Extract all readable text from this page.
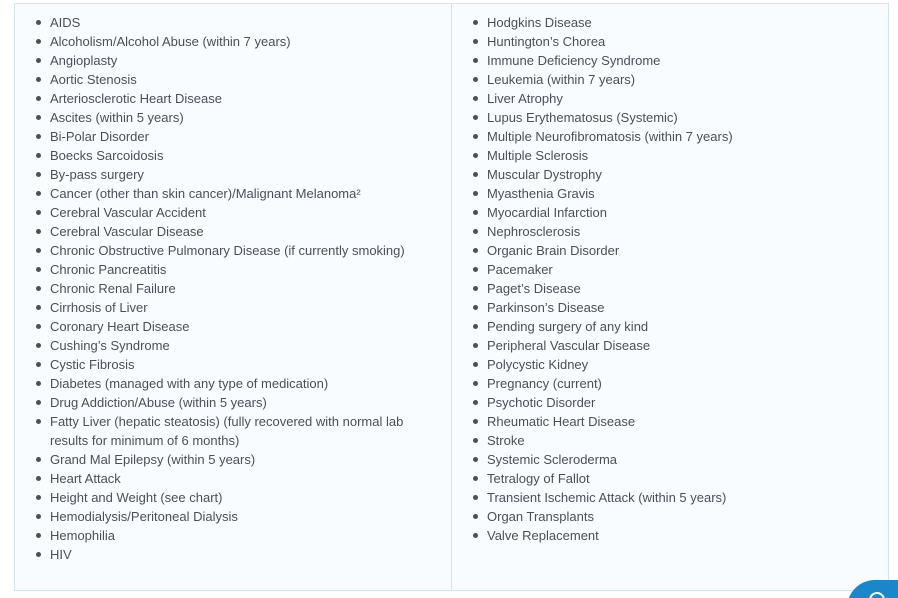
AIDS
Alcoholism/Alcohol Abuse (within 7 years)
Angioplasty
Aortic Stenosis
Arteriosclerotic Heart Disease
Ascites (within 5 years)
Bi-Polar Disorder
Boecks Sarcoidosis
By-pass surgery
Cancer (other than skin cancer)/Malignant Melanoma²
Cerebral Vascular Accident
Cerebral Vascular Disease
Chronic Obstructive Pulmonary Disease (if currently smoking)
Chronic Pancreatitis
Chronic Renal Failure
Cirrhosis of Liver
Coronary Heart Disease
Cushing’s Syndrome
Cystic Fibrosis
Diabetes (managed with any type of medication)
Drug Addiction/Abuse (within 5 years)
Fatty Liver (hepatic steatosis) (fully recovered with normal lab results for minimum of 6 months)
Grand Mal Epilepsy (within 5 years)
Heart Attack
Height and Weight (see chart)
Hemodialysis/Peritoneal Dialysis
Hemophilia
HIV
Hodgkins Disease
Huntington’s Chorea
Immune Deficiency Syndrome
Leukemia (within 7 years)
Liver Atrophy
Lupus Erythematosus (Systemic)
Multiple Neurofibromatosis (within 7 years)
Multiple Sclerosis
Muscular Dystrophy
Myasthenia Gravis
Myocardial Infarction
Nephrosclerosis
Organic Brain Disorder
Pacemaker
Paget’s Disease
Parkinson’s Disease
Pending surgery of any kind
Peripheral Vascular Disease
Polycystic Kidney
Pregnancy (current)
Psychotic Disorder
Rheumatic Heart Disease
Stroke
Systemic Scleroderma
Tetralogy of Fallot
Transient Ischemic Attack (within 5 years)
Organ Transplants
Valve Replacement
